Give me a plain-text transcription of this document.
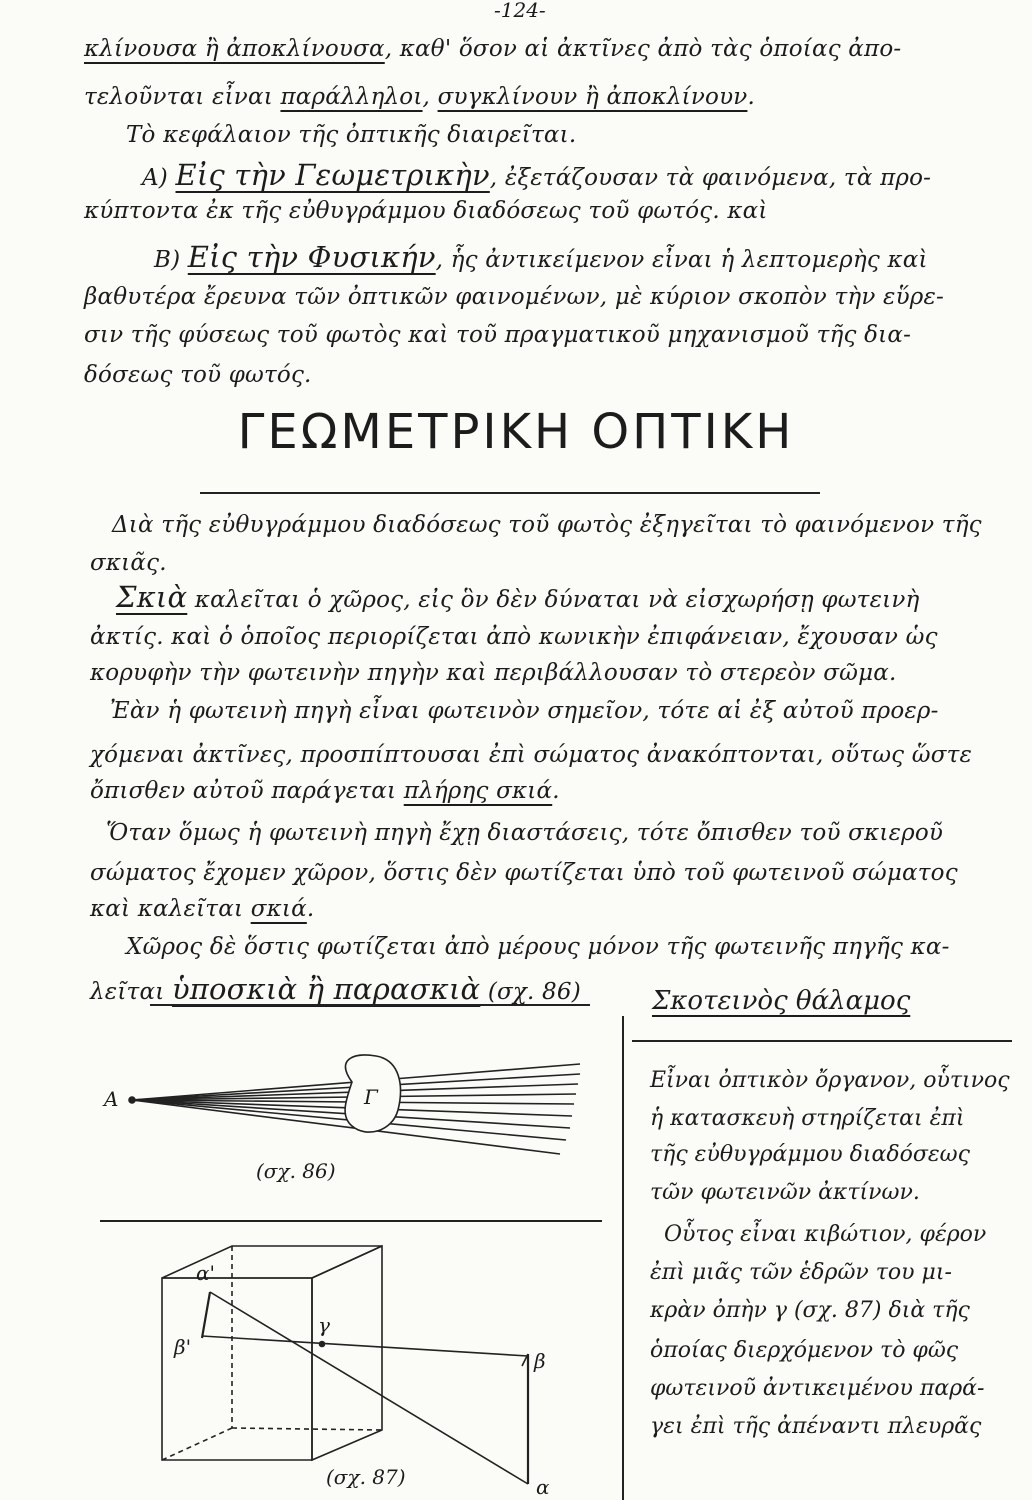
-124-
κλίνουσα ἢ ἀποκλίνουσα, καθ' ὅσον αἱ ἀκτῖνες ἀπὸ τὰς ὁποίας ἀπο-
τελοῦνται εἶναι παράλληλοι, συγκλίνουν ἢ ἀποκλίνουν.
Τὸ κεφάλαιον τῆς ὀπτικῆς διαιρεῖται.
A) Εἰς τὴν Γεωμετρικὴν, ἐξετάζουσαν τὰ φαινόμενα, τὰ προ-
κύπτοντα ἐκ τῆς εὐθυγράμμου διαδόσεως τοῦ φωτός. καὶ
B) Εἰς τὴν Φυσικήν, ἧς ἀντικείμενον εἶναι ἡ λεπτομερὴς καὶ
βαθυτέρα ἔρευνα τῶν ὀπτικῶν φαινομένων, μὲ κύριον σκοπὸν τὴν εὕρε-
σιν τῆς φύσεως τοῦ φωτὸς καὶ τοῦ πραγματικοῦ μηχανισμοῦ τῆς δια-
δόσεως τοῦ φωτός.
ΓΕΩΜΕΤΡΙΚΗ ΟΠΤΙΚΗ
Διὰ τῆς εὐθυγράμμου διαδόσεως τοῦ φωτὸς ἐξηγεῖται τὸ φαινόμενον τῆς
σκιᾶς.
Σκιὰ καλεῖται ὁ χῶρος, εἰς ὃν δὲν δύναται νὰ εἰσχωρήσῃ φωτεινὴ
ἀκτίς. καὶ ὁ ὁποῖος περιορίζεται ἀπὸ κωνικὴν ἐπιφάνειαν, ἔχουσαν ὡς
κορυφὴν τὴν φωτεινὴν πηγὴν καὶ περιβάλλουσαν τὸ στερεὸν σῶμα.
Ἐὰν ἡ φωτεινὴ πηγὴ εἶναι φωτεινὸν σημεῖον, τότε αἱ ἐξ αὐτοῦ προερ-
χόμεναι ἀκτῖνες, προσπίπτουσαι ἐπὶ σώματος ἀνακόπτονται, οὕτως ὥστε
ὄπισθεν αὐτοῦ παράγεται πλήρης σκιά.
Ὅταν ὅμως ἡ φωτεινὴ πηγὴ ἔχῃ διαστάσεις, τότε ὄπισθεν τοῦ σκιεροῦ
σώματος ἔχομεν χῶρον, ὅστις δὲν φωτίζεται ὑπὸ τοῦ φωτεινοῦ σώματος
καὶ καλεῖται σκιά.
Χῶρος δὲ ὅστις φωτίζεται ἀπὸ μέρους μόνον τῆς φωτεινῆς πηγῆς κα-
λεῖται ὑποσκιὰ ἢ παρασκιὰ (σχ. 86)	Σκοτεινὸς θάλαμος
Εἶναι ὀπτικὸν ὄργανον, οὗτινος
ἡ κατασκευὴ στηρίζεται ἐπὶ
τῆς εὐθυγράμμου διαδόσεως
τῶν φωτεινῶν ἀκτίνων.
Οὗτος εἶναι κιβώτιον, φέρον
ἐπὶ μιᾶς τῶν ἑδρῶν του μι-
κρὰν ὀπὴν γ (σχ. 87) διὰ τῆς
ὁποίας διερχόμενον τὸ φῶς
φωτεινοῦ ἀντικειμένου παρά-
γει ἐπὶ τῆς ἀπέναντι πλευρᾶς
A	Γ
(σχ. 86)
α'
β'
γ
β
α
(σχ. 87)
